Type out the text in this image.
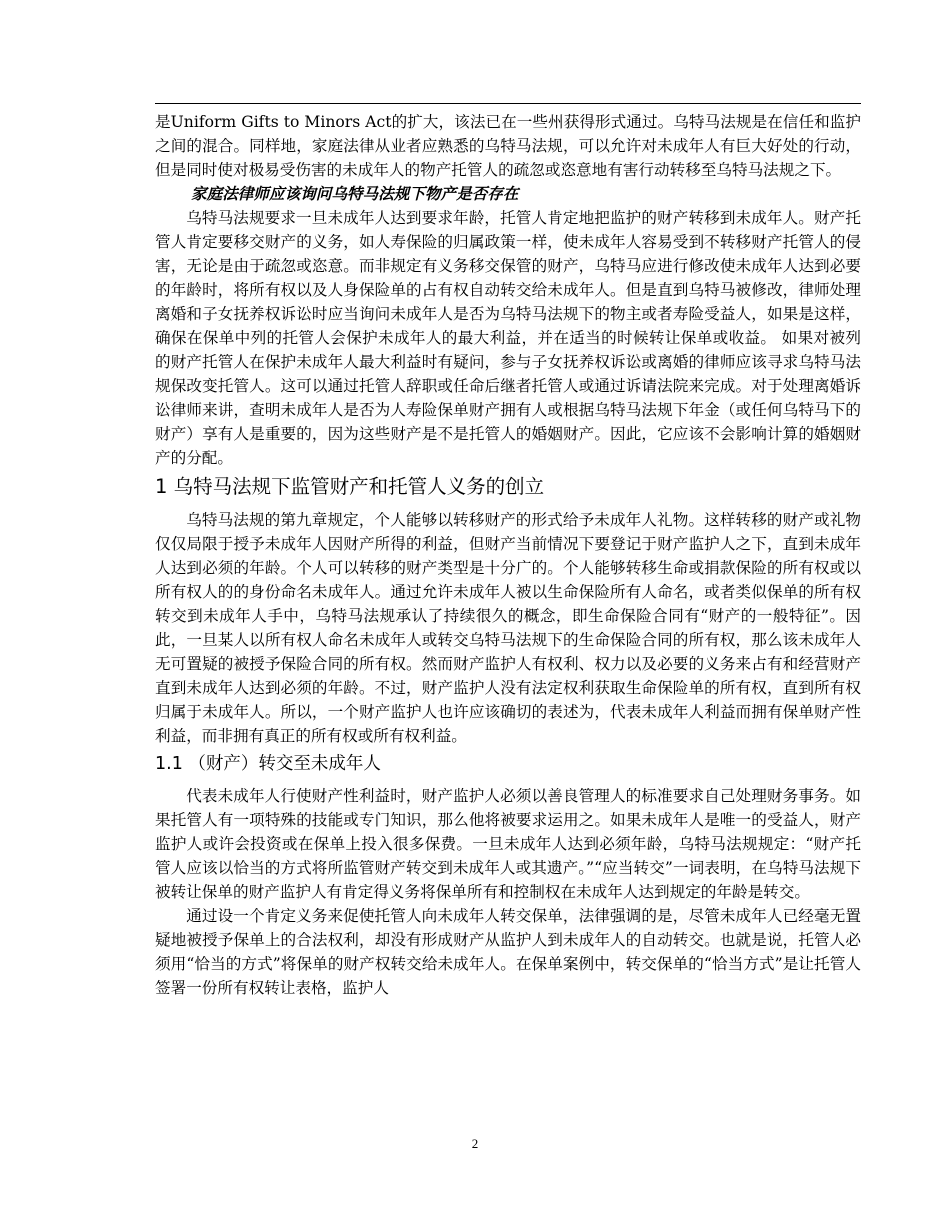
是Uniform Gifts to Minors Act的扩大，该法已在一些州获得形式通过。乌特马法规是在信任和监护之间的混合。同样地，家庭法律从业者应熟悉的乌特马法规，可以允许对未成年人有巨大好处的行动，但是同时使对极易受伤害的未成年人的物产托管人的疏忽或恣意地有害行动转移至乌特马法规之下。

家庭法律师应该询问乌特马法规下物产是否存在

乌特马法规要求一旦未成年人达到要求年龄，托管人肯定地把监护的财产转移到未成年人。财产托管人肯定要移交财产的义务，如人寿保险的归属政策一样，使未成年人容易受到不转移财产托管人的侵害，无论是由于疏忽或恣意。而非规定有义务移交保管的财产，乌特马应进行修改使未成年人达到必要的年龄时，将所有权以及人身保险单的占有权自动转交给未成年人。但是直到乌特马被修改，律师处理离婚和子女抚养权诉讼时应当询问未成年人是否为乌特马法规下的物主或者寿险受益人，如果是这样，确保在保单中列的托管人会保护未成年人的最大利益，并在适当的时候转让保单或收益。 如果对被列的财产托管人在保护未成年人最大利益时有疑问，参与子女抚养权诉讼或离婚的律师应该寻求乌特马法规保改变托管人。这可以通过托管人辞职或任命后继者托管人或通过诉请法院来完成。对于处理离婚诉讼律师来讲，查明未成年人是否为人寿险保单财产拥有人或根据乌特马法规下年金（或任何乌特马下的财产）享有人是重要的，因为这些财产是不是托管人的婚姻财产。因此，它应该不会影响计算的婚姻财产的分配。

1 乌特马法规下监管财产和托管人义务的创立

乌特马法规的第九章规定，个人能够以转移财产的形式给予未成年人礼物。这样转移的财产或礼物仅仅局限于授予未成年人因财产所得的利益，但财产当前情况下要登记于财产监护人之下，直到未成年人达到必须的年龄。个人可以转移的财产类型是十分广的。个人能够转移生命或捐款保险的所有权或以所有权人的的身份命名未成年人。通过允许未成年人被以生命保险所有人命名，或者类似保单的所有权转交到未成年人手中，乌特马法规承认了持续很久的概念，即生命保险合同有“财产的一般特征”。因此，一旦某人以所有权人命名未成年人或转交乌特马法规下的生命保险合同的所有权，那么该未成年人无可置疑的被授予保险合同的所有权。然而财产监护人有权利、权力以及必要的义务来占有和经营财产直到未成年人达到必须的年龄。不过，财产监护人没有法定权利获取生命保险单的所有权，直到所有权归属于未成年人。所以，一个财产监护人也许应该确切的表述为，代表未成年人利益而拥有保单财产性利益，而非拥有真正的所有权或所有权利益。

1.1 （财产）转交至未成年人

代表未成年人行使财产性利益时，财产监护人必须以善良管理人的标准要求自己处理财务事务。如果托管人有一项特殊的技能或专门知识，那么他将被要求运用之。如果未成年人是唯一的受益人，财产监护人或许会投资或在保单上投入很多保费。一旦未成年人达到必须年龄，乌特马法规规定：“财产托管人应该以恰当的方式将所监管财产转交到未成年人或其遗产。”“应当转交”一词表明，在乌特马法规下被转让保单的财产监护人有肯定得义务将保单所有和控制权在未成年人达到规定的年龄是转交。

通过设一个肯定义务来促使托管人向未成年人转交保单，法律强调的是，尽管未成年人已经毫无置疑地被授予保单上的合法权利，却没有形成财产从监护人到未成年人的自动转交。也就是说，托管人必须用“恰当的方式”将保单的财产权转交给未成年人。在保单案例中，转交保单的“恰当方式”是让托管人签署一份所有权转让表格，监护人

2
